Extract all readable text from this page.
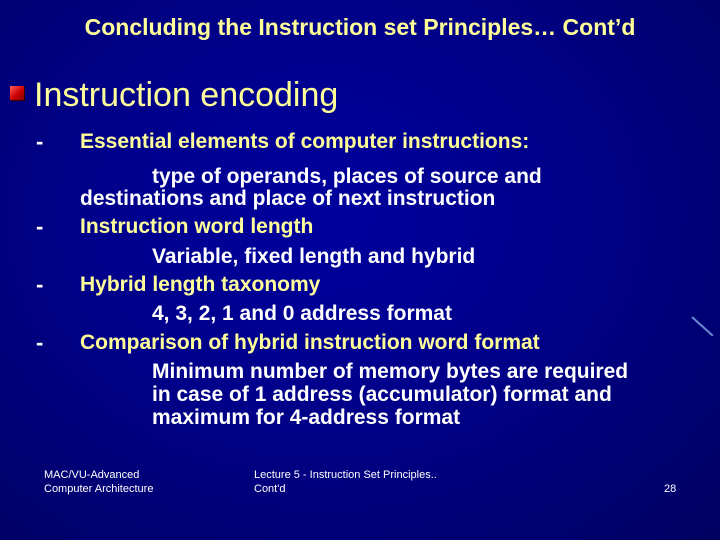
Concluding the Instruction set Principles… Cont’d
Instruction encoding
- Essential elements of computer instructions:
type of operands, places of source and
destinations and place of next instruction
- Instruction word length
Variable, fixed length and hybrid
- Hybrid length taxonomy
4, 3, 2, 1 and 0 address format
- Comparison of hybrid instruction word format
Minimum number of memory bytes are required
in case of 1 address (accumulator) format and
maximum for 4-address format
MAC/VU-Advanced
Computer Architecture
Lecture 5 - Instruction Set Principles..
Cont'd	28
